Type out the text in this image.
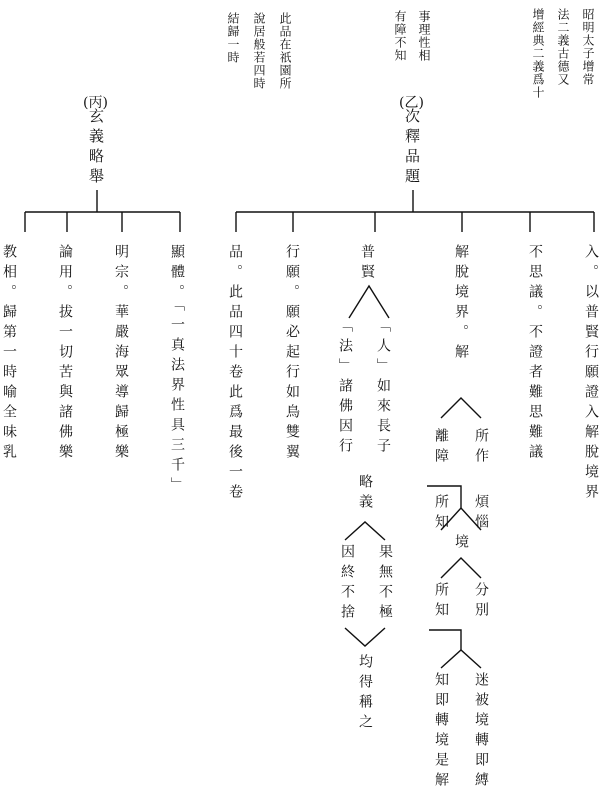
昭明太子增常
法二義古德又
增經典二義爲十
事理性相
有障不知
此品在祇園所
說居般若四時
結歸一時
(乙)
次釋品題
(丙)
玄義略舉
入。以普賢行願證入解脫境界
不思議。不證者難思難議
解脫境界。解
所作
離障
煩惱
所知
境
分別
所知
迷被境轉即縛
知即轉境是解
普賢
「人」如來長子
「法」諸佛因行
略義
果無不極
因終不捨
均得稱之
行願。願必起行如鳥雙翼
品。此品四十卷此爲最後一卷
顯體。「一真法界性具三千」
明宗。華嚴海眾導歸極樂
論用。拔一切苦與諸佛樂
教相。歸第一時喻全味乳
